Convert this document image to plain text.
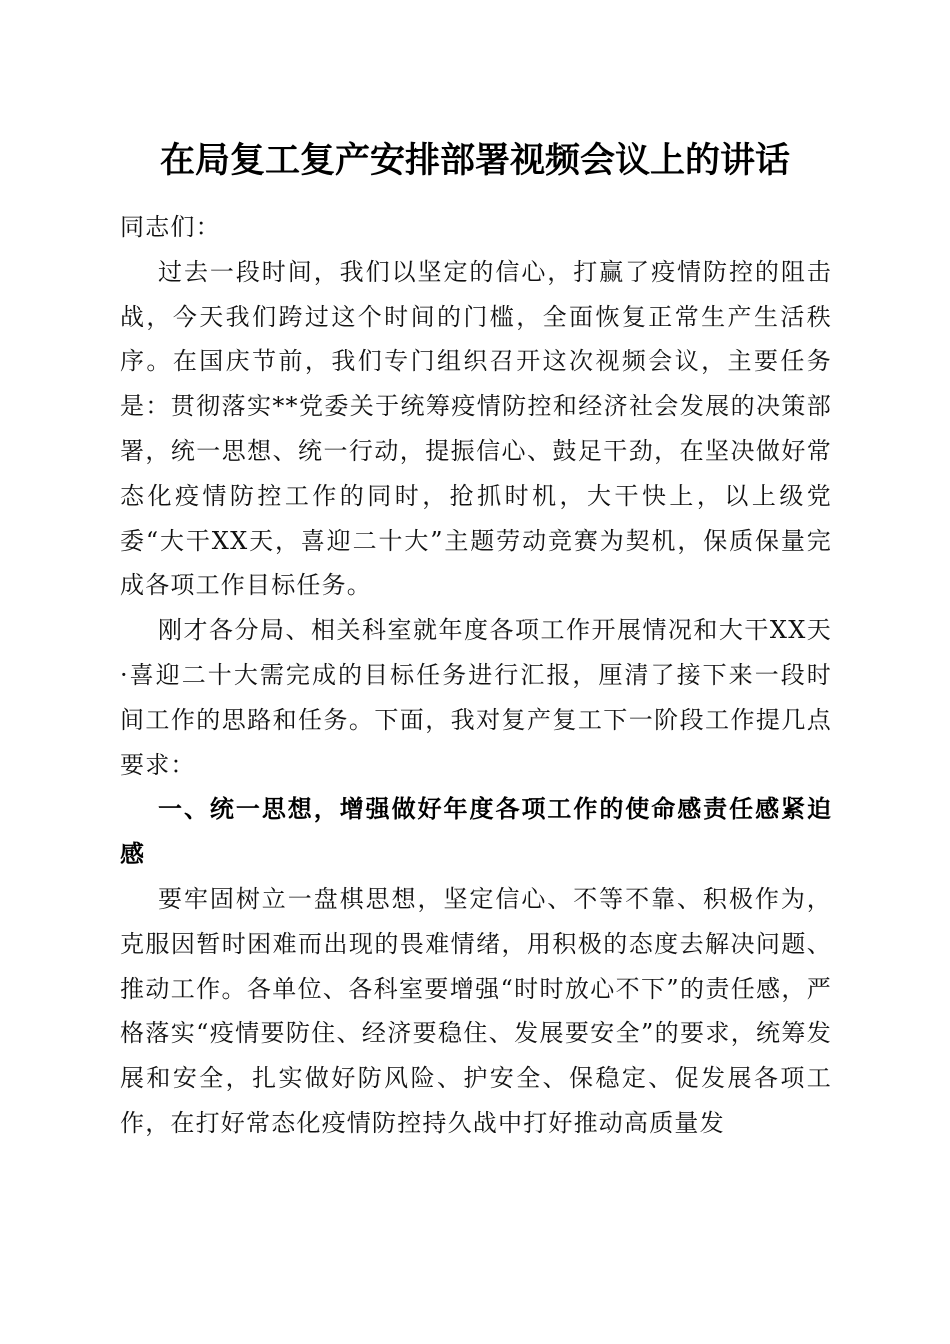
在局复工复产安排部署视频会议上的讲话

同志们：

过去一段时间，我们以坚定的信心，打赢了疫情防控的阻击战，今天我们跨过这个时间的门槛，全面恢复正常生产生活秩序。在国庆节前，我们专门组织召开这次视频会议，主要任务是：贯彻落实**党委关于统筹疫情防控和经济社会发展的决策部署，统一思想、统一行动，提振信心、鼓足干劲，在坚决做好常态化疫情防控工作的同时，抢抓时机，大干快上，以上级党委“大干XX天，喜迎二十大”主题劳动竞赛为契机，保质保量完成各项工作目标任务。

刚才各分局、相关科室就年度各项工作开展情况和大干XX天·喜迎二十大需完成的目标任务进行汇报，厘清了接下来一段时间工作的思路和任务。下面，我对复产复工下一阶段工作提几点要求：

一、统一思想，增强做好年度各项工作的使命感责任感紧迫感

要牢固树立一盘棋思想，坚定信心、不等不靠、积极作为，克服因暂时困难而出现的畏难情绪，用积极的态度去解决问题、推动工作。各单位、各科室要增强“时时放心不下”的责任感，严格落实“疫情要防住、经济要稳住、发展要安全”的要求，统筹发展和安全，扎实做好防风险、护安全、保稳定、促发展各项工作，在打好常态化疫情防控持久战中打好推动高质量发
